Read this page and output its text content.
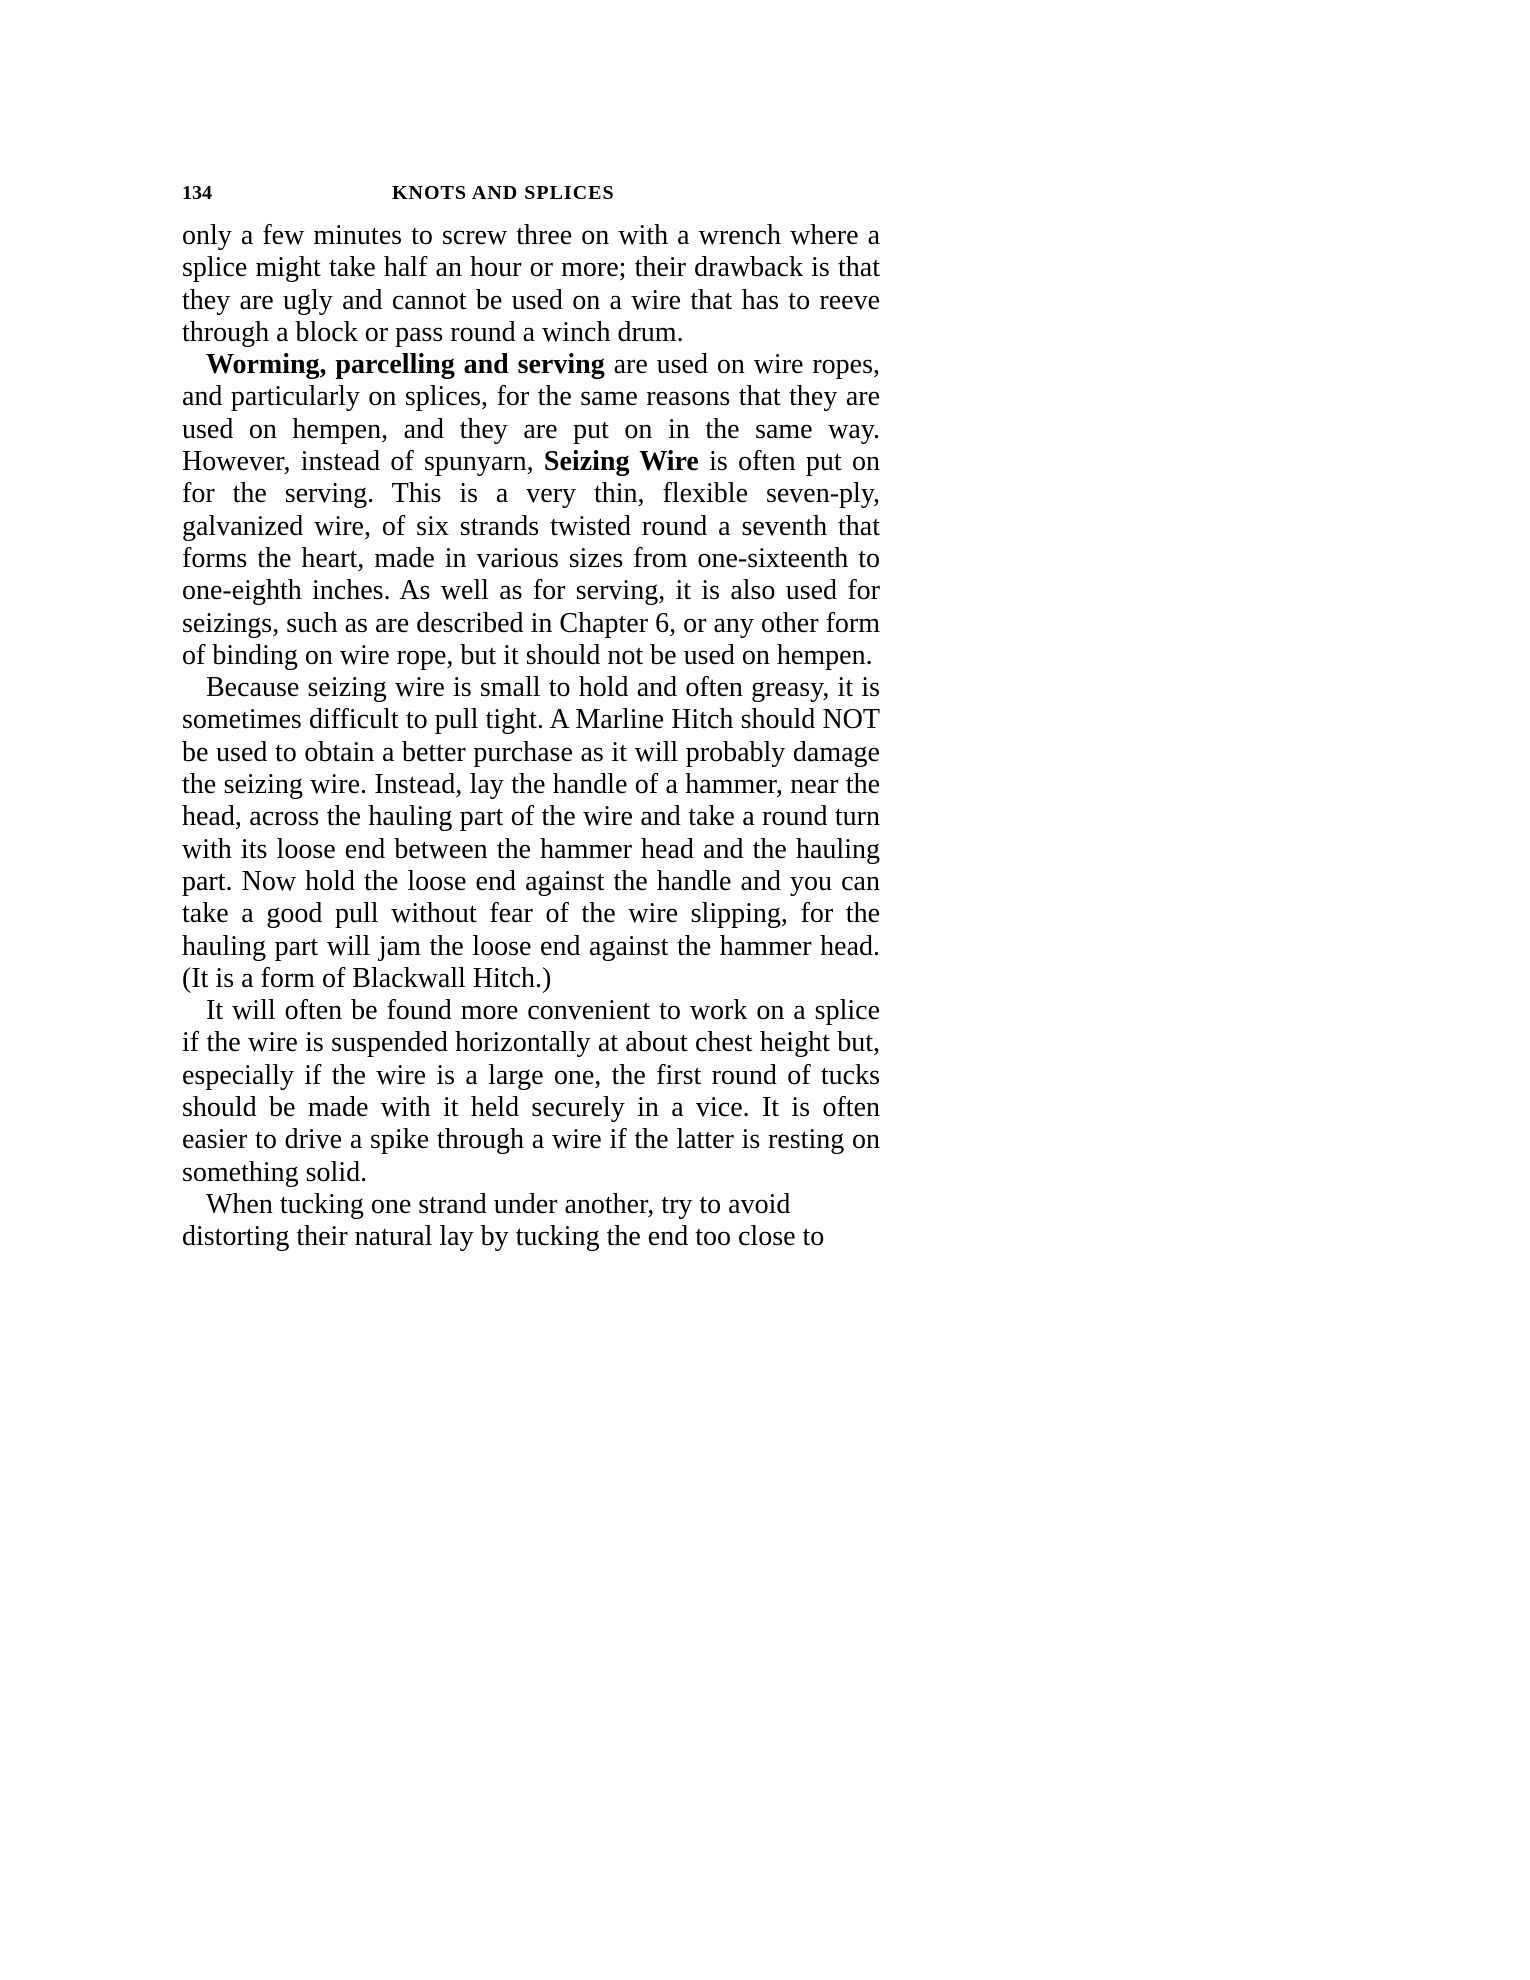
134	KNOTS AND SPLICES

only a few minutes to screw three on with a wrench where a splice might take half an hour or more; their drawback is that they are ugly and cannot be used on a wire that has to reeve through a block or pass round a winch drum.

Worming, parcelling and serving are used on wire ropes, and particularly on splices, for the same reasons that they are used on hempen, and they are put on in the same way. However, instead of spunyarn, Seizing Wire is often put on for the serving. This is a very thin, flexible seven-ply, galvanized wire, of six strands twisted round a seventh that forms the heart, made in various sizes from one-sixteenth to one-eighth inches. As well as for serving, it is also used for seizings, such as are described in Chapter 6, or any other form of binding on wire rope, but it should not be used on hempen.

Because seizing wire is small to hold and often greasy, it is sometimes difficult to pull tight. A Marline Hitch should NOT be used to obtain a better purchase as it will probably damage the seizing wire. Instead, lay the handle of a hammer, near the head, across the hauling part of the wire and take a round turn with its loose end between the hammer head and the hauling part. Now hold the loose end against the handle and you can take a good pull without fear of the wire slipping, for the hauling part will jam the loose end against the hammer head. (It is a form of Blackwall Hitch.)

It will often be found more convenient to work on a splice if the wire is suspended horizontally at about chest height but, especially if the wire is a large one, the first round of tucks should be made with it held securely in a vice. It is often easier to drive a spike through a wire if the latter is resting on something solid.

When tucking one strand under another, try to avoid distorting their natural lay by tucking the end too close to
